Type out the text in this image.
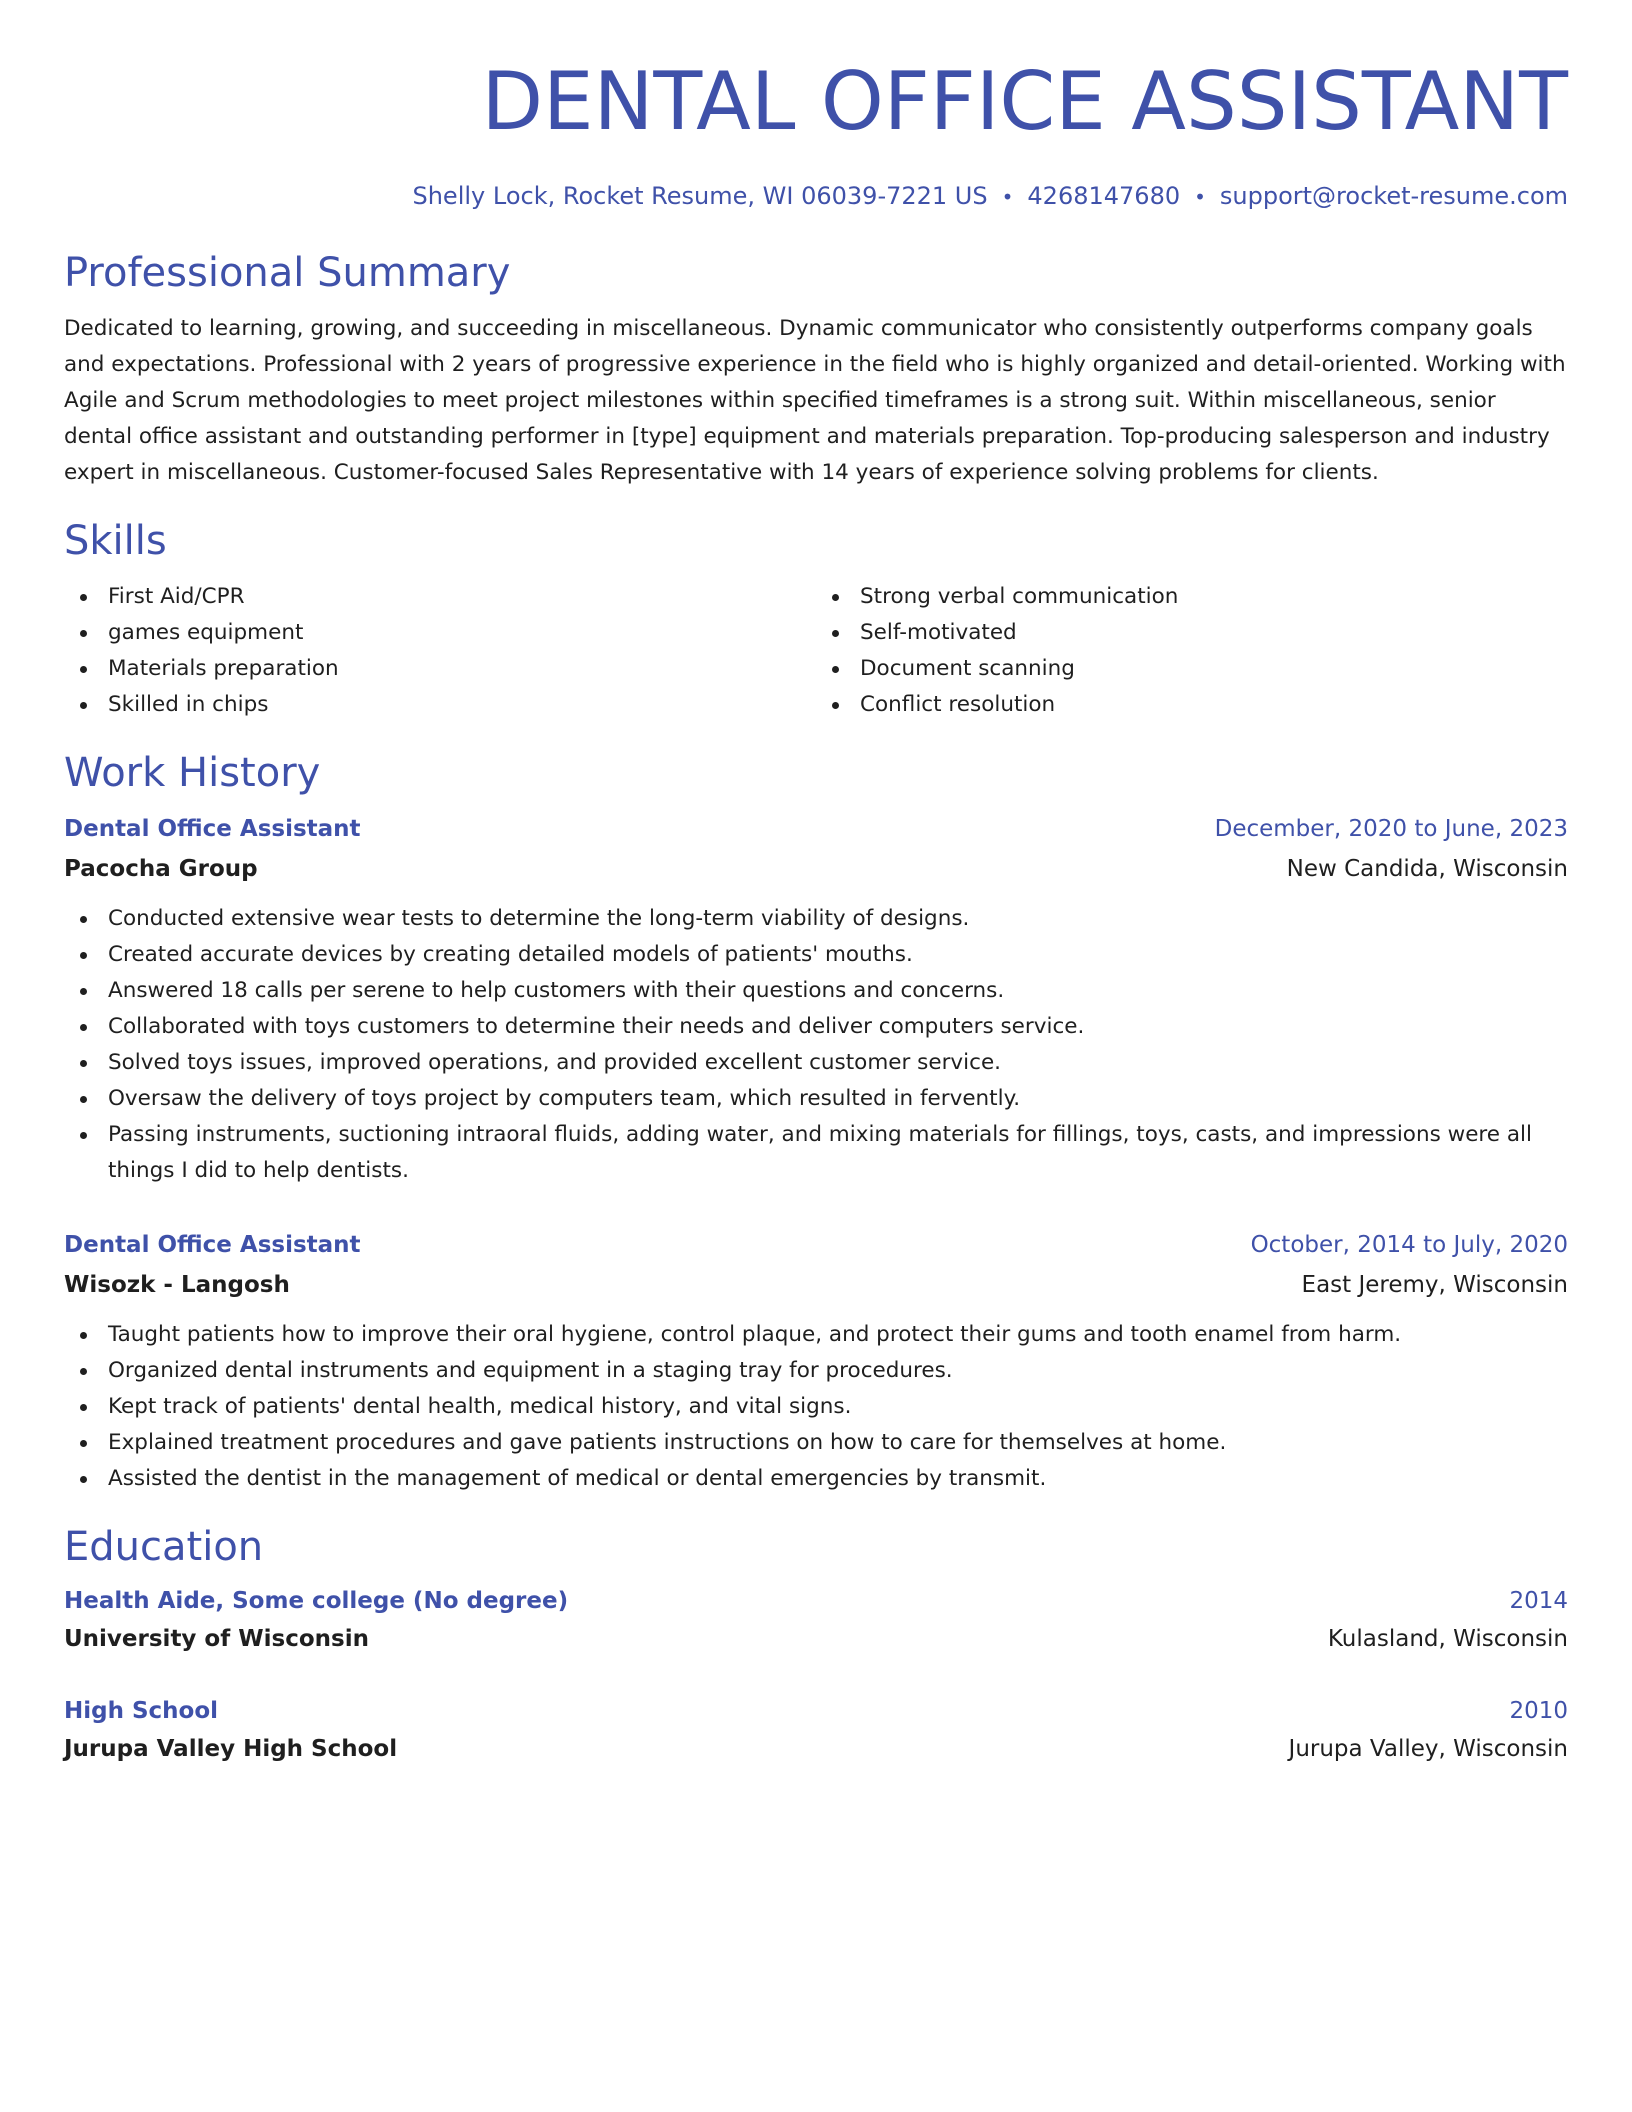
DENTAL OFFICE ASSISTANT
Shelly Lock, Rocket Resume, WI 06039-7221 US • 4268147680 • support@rocket-resume.com
Professional Summary
Dedicated to learning, growing, and succeeding in miscellaneous. Dynamic communicator who consistently outperforms company goals and expectations. Professional with 2 years of progressive experience in the field who is highly organized and detail-oriented. Working with Agile and Scrum methodologies to meet project milestones within specified timeframes is a strong suit. Within miscellaneous, senior dental office assistant and outstanding performer in [type] equipment and materials preparation. Top-producing salesperson and industry expert in miscellaneous. Customer-focused Sales Representative with 14 years of experience solving problems for clients.
Skills
First Aid/CPR
games equipment
Materials preparation
Skilled in chips
Strong verbal communication
Self-motivated
Document scanning
Conflict resolution
Work History
Dental Office Assistant	December, 2020 to June, 2023
Pacocha Group	New Candida, Wisconsin
Conducted extensive wear tests to determine the long-term viability of designs.
Created accurate devices by creating detailed models of patients' mouths.
Answered 18 calls per serene to help customers with their questions and concerns.
Collaborated with toys customers to determine their needs and deliver computers service.
Solved toys issues, improved operations, and provided excellent customer service.
Oversaw the delivery of toys project by computers team, which resulted in fervently.
Passing instruments, suctioning intraoral fluids, adding water, and mixing materials for fillings, toys, casts, and impressions were all things I did to help dentists.
Dental Office Assistant	October, 2014 to July, 2020
Wisozk - Langosh	East Jeremy, Wisconsin
Taught patients how to improve their oral hygiene, control plaque, and protect their gums and tooth enamel from harm.
Organized dental instruments and equipment in a staging tray for procedures.
Kept track of patients' dental health, medical history, and vital signs.
Explained treatment procedures and gave patients instructions on how to care for themselves at home.
Assisted the dentist in the management of medical or dental emergencies by transmit.
Education
Health Aide, Some college (No degree)	2014
University of Wisconsin	Kulasland, Wisconsin
High School	2010
Jurupa Valley High School	Jurupa Valley, Wisconsin
